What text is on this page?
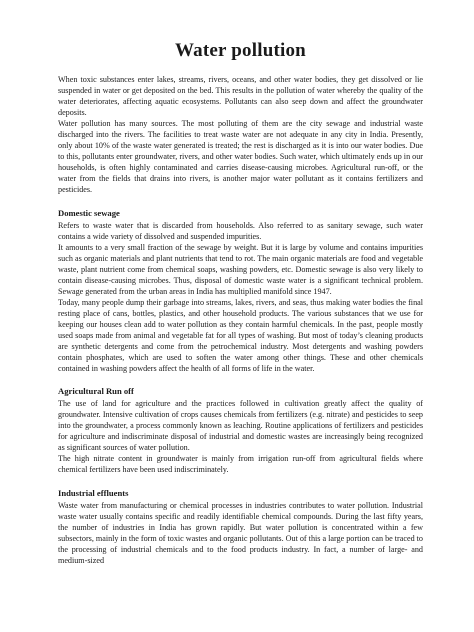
Water pollution

When toxic substances enter lakes, streams, rivers, oceans, and other water bodies, they get dissolved or lie suspended in water or get deposited on the bed. This results in the pollution of water whereby the quality of the water deteriorates, affecting aquatic ecosystems. Pollutants can also seep down and affect the groundwater deposits.

Water pollution has many sources. The most polluting of them are the city sewage and industrial waste discharged into the rivers. The facilities to treat waste water are not adequate in any city in India. Presently, only about 10% of the waste water generated is treated; the rest is discharged as it is into our water bodies. Due to this, pollutants enter groundwater, rivers, and other water bodies. Such water, which ultimately ends up in our households, is often highly contaminated and carries disease-causing microbes. Agricultural run-off, or the water from the fields that drains into rivers, is another major water pollutant as it contains fertilizers and pesticides.

Domestic sewage

Refers to waste water that is discarded from households. Also referred to as sanitary sewage, such water contains a wide variety of dissolved and suspended impurities.

It amounts to a very small fraction of the sewage by weight. But it is large by volume and contains impurities such as organic materials and plant nutrients that tend to rot. The main organic materials are food and vegetable waste, plant nutrient come from chemical soaps, washing powders, etc. Domestic sewage is also very likely to contain disease-causing microbes. Thus, disposal of domestic waste water is a significant technical problem. Sewage generated from the urban areas in India has multiplied manifold since 1947.

Today, many people dump their garbage into streams, lakes, rivers, and seas, thus making water bodies the final resting place of cans, bottles, plastics, and other household products. The various substances that we use for keeping our houses clean add to water pollution as they contain harmful chemicals. In the past, people mostly used soaps made from animal and vegetable fat for all types of washing. But most of today’s cleaning products are synthetic detergents and come from the petrochemical industry. Most detergents and washing powders contain phosphates, which are used to soften the water among other things. These and other chemicals contained in washing powders affect the health of all forms of life in the water.

Agricultural Run off

The use of land for agriculture and the practices followed in cultivation greatly affect the quality of groundwater. Intensive cultivation of crops causes chemicals from fertilizers (e.g. nitrate) and pesticides to seep into the groundwater, a process commonly known as leaching. Routine applications of fertilizers and pesticides for agriculture and indiscriminate disposal of industrial and domestic wastes are increasingly being recognized as significant sources of water pollution.

The high nitrate content in groundwater is mainly from irrigation run-off from agricultural fields where chemical fertilizers have been used indiscriminately.

Industrial effluents

Waste water from manufacturing or chemical processes in industries contributes to water pollution. Industrial waste water usually contains specific and readily identifiable chemical compounds. During the last fifty years, the number of industries in India has grown rapidly. But water pollution is concentrated within a few subsectors, mainly in the form of toxic wastes and organic pollutants. Out of this a large portion can be traced to the processing of industrial chemicals and to the food products industry. In fact, a number of large- and medium-sized
